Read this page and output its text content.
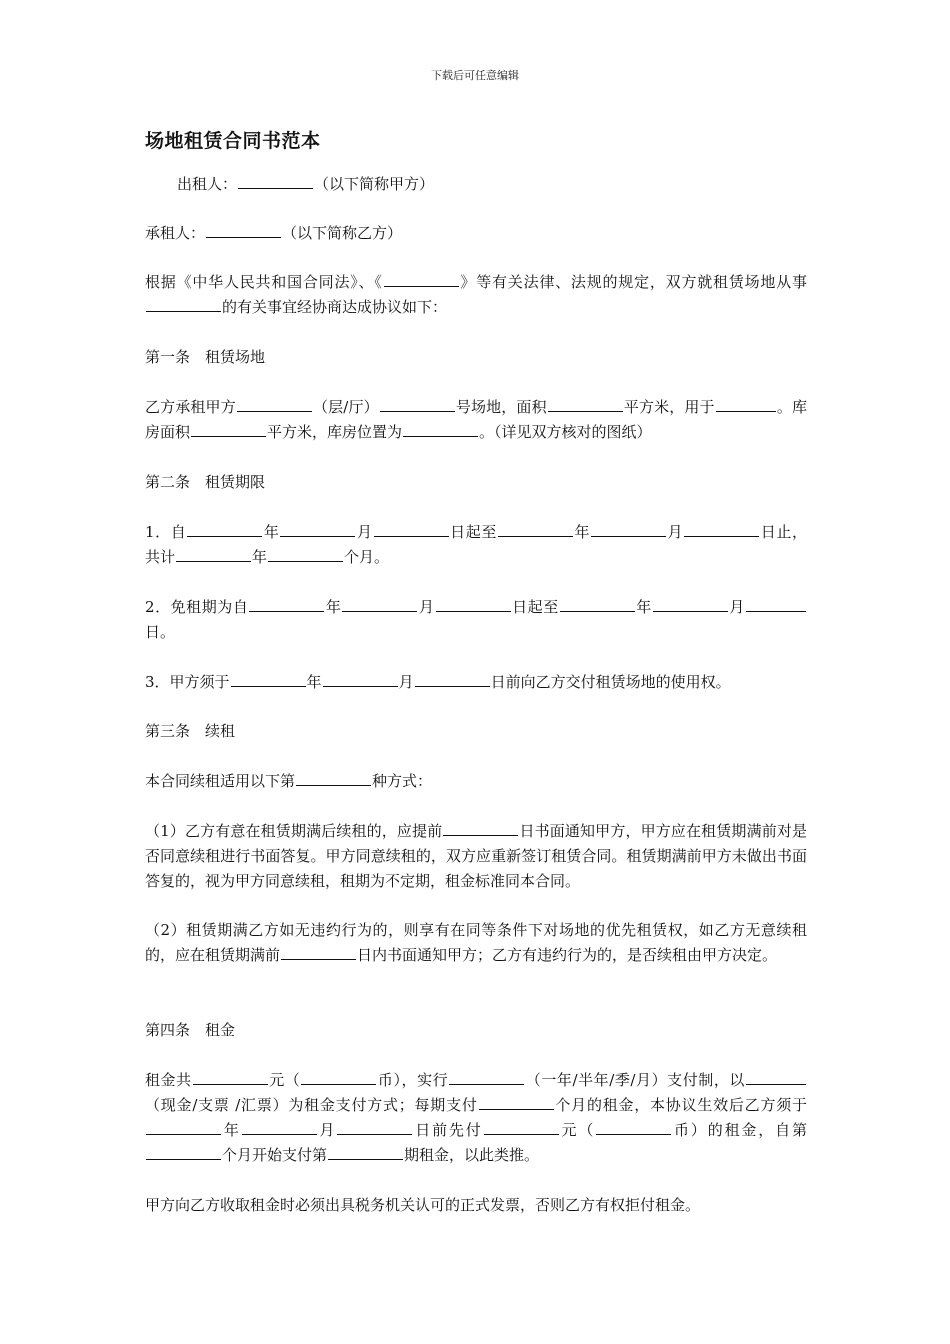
下载后可任意编辑
场地租赁合同书范本
出租人：	（以下简称甲方）
承租人：	（以下简称乙方）
根据《中华人民共和国合同法》、《	》等有关法律、法规的规定，双方就租赁场地从事的有关事宜经协商达成协议如下：
第一条　租赁场地
乙方承租甲方	（层/厅）	号场地，面积	平方米，用于	。库房面积	平方米，库房位置为	。（详见双方核对的图纸）
第二条　租赁期限
1．自	年	月	日起至	年	月	日止，共计	年	个月。
2．免租期为自	年	月	日起至	年	月日。
3．甲方须于	年	月	日前向乙方交付租赁场地的使用权。
第三条　续租
本合同续租适用以下第	种方式：
（1）乙方有意在租赁期满后续租的，应提前	日书面通知甲方，甲方应在租赁期满前对是否同意续租进行书面答复。甲方同意续租的，双方应重新签订租赁合同。租赁期满前甲方未做出书面答复的，视为甲方同意续租，租期为不定期，租金标准同本合同。
（2）租赁期满乙方如无违约行为的，则享有在同等条件下对场地的优先租赁权，如乙方无意续租的，应在租赁期满前	日内书面通知甲方；乙方有违约行为的，是否续租由甲方决定。
第四条　租金
租金共	元（	币），实行	（一年/半年/季/月）支付制，以（现金/支票 /汇票）为租金支付方式；每期支付	个月的租金，本协议生效后乙方须于年	月	日前先付	元（	币）的租金，自第个月开始支付第	期租金，以此类推。
甲方向乙方收取租金时必须出具税务机关认可的正式发票，否则乙方有权拒付租金。
